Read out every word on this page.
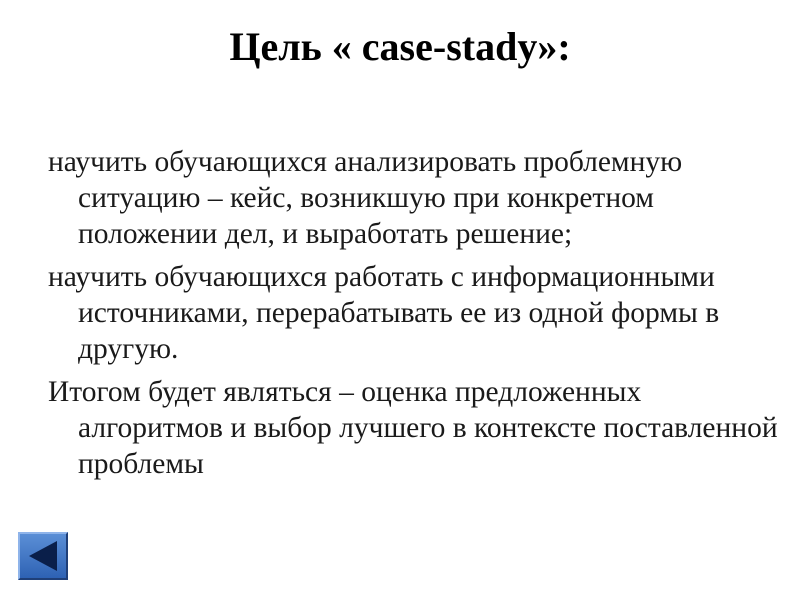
Цель « case-stady»:
научить обучающихся анализировать проблемную ситуацию – кейс, возникшую при конкретном положении дел, и выработать решение;
научить обучающихся работать с информационными источниками, перерабатывать ее из одной формы в другую.
Итогом будет являться – оценка предложенных алгоритмов и выбор лучшего в контексте поставленной проблемы
